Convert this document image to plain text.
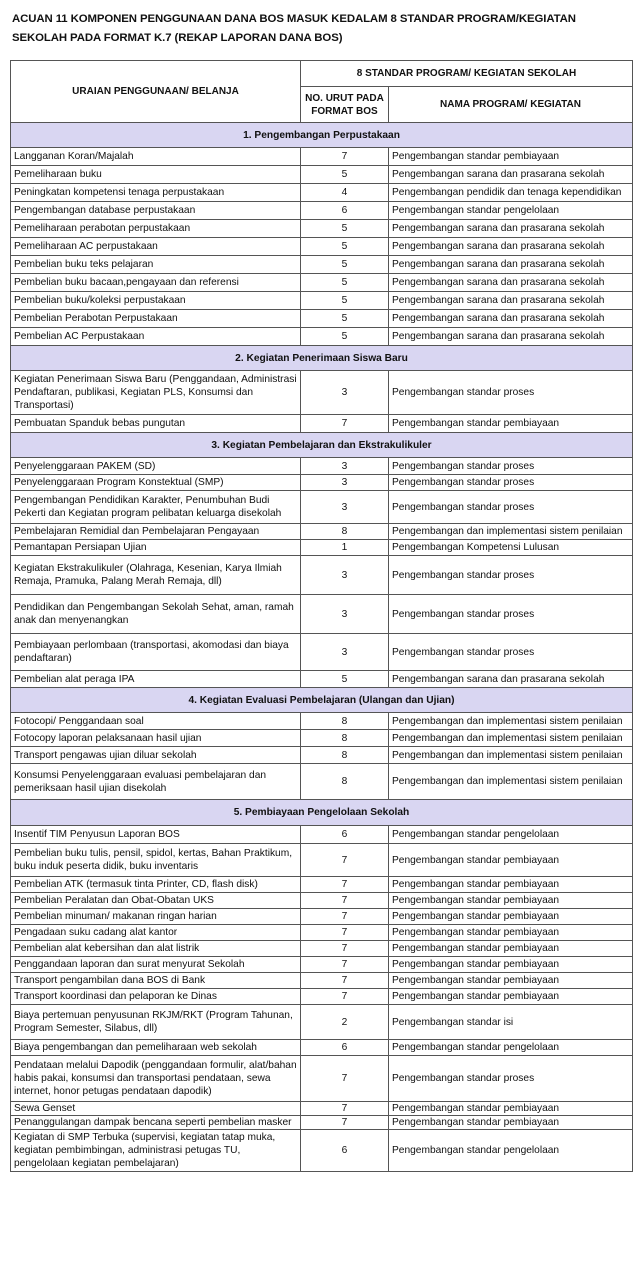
ACUAN 11 KOMPONEN PENGGUNAAN DANA BOS MASUK KEDALAM 8 STANDAR PROGRAM/KEGIATAN SEKOLAH PADA FORMAT K.7 (REKAP LAPORAN DANA BOS)
URAIAN PENGGUNAAN/ BELANJA	8 STANDAR PROGRAM/ KEGIATAN SEKOLAH	
	NO. URUT PADA FORMAT BOS	NAMA PROGRAM/ KEGIATAN
1. Pengembangan Perpustakaan		
Langganan Koran/Majalah	7	Pengembangan standar pembiayaan
Pemeliharaan buku	5	Pengembangan sarana dan prasarana sekolah
Peningkatan kompetensi tenaga perpustakaan	4	Pengembangan pendidik dan tenaga kependidikan
Pengembangan database perpustakaan	6	Pengembangan standar pengelolaan
Pemeliharaan perabotan perpustakaan	5	Pengembangan sarana dan prasarana sekolah
Pemeliharaan AC perpustakaan	5	Pengembangan sarana dan prasarana sekolah
Pembelian buku teks pelajaran	5	Pengembangan sarana dan prasarana sekolah
Pembelian buku bacaan,pengayaan dan referensi	5	Pengembangan sarana dan prasarana sekolah
Pembelian buku/koleksi perpustakaan	5	Pengembangan sarana dan prasarana sekolah
Pembelian Perabotan Perpustakaan	5	Pengembangan sarana dan prasarana sekolah
Pembelian AC Perpustakaan	5	Pengembangan sarana dan prasarana sekolah
2. Kegiatan Penerimaan Siswa Baru		
Kegiatan Penerimaan Siswa Baru (Penggandaan, Administrasi Pendaftaran, publikasi, Kegiatan PLS, Konsumsi dan Transportasi)	3	Pengembangan standar proses
Pembuatan Spanduk bebas pungutan	7	Pengembangan standar pembiayaan
3. Kegiatan Pembelajaran dan Ekstrakulikuler		
Penyelenggaraan PAKEM (SD)	3	Pengembangan standar proses
Penyelenggaraan Program Konstektual (SMP)	3	Pengembangan standar proses
Pengembangan Pendidikan Karakter, Penumbuhan Budi Pekerti dan Kegiatan program pelibatan keluarga disekolah	3	Pengembangan standar proses
Pembelajaran Remidial dan Pembelajaran Pengayaan	8	Pengembangan dan implementasi sistem penilaian
Pemantapan Persiapan Ujian	1	Pengembangan Kompetensi Lulusan
Kegiatan Ekstrakulikuler (Olahraga, Kesenian, Karya Ilmiah Remaja, Pramuka, Palang Merah Remaja, dll)	3	Pengembangan standar proses
Pendidikan dan Pengembangan Sekolah Sehat, aman, ramah anak dan menyenangkan	3	Pengembangan standar proses
Pembiayaan perlombaan (transportasi, akomodasi dan biaya pendaftaran)	3	Pengembangan standar proses
Pembelian alat peraga IPA	5	Pengembangan sarana dan prasarana sekolah
4. Kegiatan Evaluasi Pembelajaran (Ulangan dan Ujian)		
Fotocopi/ Penggandaan soal	8	Pengembangan dan implementasi sistem penilaian
Fotocopy laporan pelaksanaan hasil ujian	8	Pengembangan dan implementasi sistem penilaian
Transport pengawas ujian diluar sekolah	8	Pengembangan dan implementasi sistem penilaian
Konsumsi Penyelenggaraan evaluasi pembelajaran dan pemeriksaan hasil ujian disekolah	8	Pengembangan dan implementasi sistem penilaian
5. Pembiayaan Pengelolaan Sekolah		
Insentif TIM Penyusun Laporan BOS	6	Pengembangan standar pengelolaan
Pembelian buku tulis, pensil, spidol, kertas, Bahan Praktikum, buku induk peserta didik, buku inventaris	7	Pengembangan standar pembiayaan
Pembelian ATK (termasuk tinta Printer, CD, flash disk)	7	Pengembangan standar pembiayaan
Pembelian Peralatan dan Obat-Obatan UKS	7	Pengembangan standar pembiayaan
Pembelian minuman/ makanan ringan harian	7	Pengembangan standar pembiayaan
Pengadaan suku cadang alat kantor	7	Pengembangan standar pembiayaan
Pembelian alat kebersihan dan alat listrik	7	Pengembangan standar pembiayaan
Penggandaan laporan dan surat menyurat Sekolah	7	Pengembangan standar pembiayaan
Transport pengambilan dana BOS di Bank	7	Pengembangan standar pembiayaan
Transport koordinasi dan pelaporan ke Dinas	7	Pengembangan standar pembiayaan
Biaya pertemuan penyusunan RKJM/RKT (Program Tahunan, Program Semester, Silabus, dll)	2	Pengembangan standar isi
Biaya pengembangan dan pemeliharaan web sekolah	6	Pengembangan standar pengelolaan
Pendataan melalui Dapodik (penggandaan formulir, alat/bahan habis pakai, konsumsi dan transportasi pendataan, sewa internet, honor petugas pendataan dapodik)	7	Pengembangan standar proses
Sewa Genset	7	Pengembangan standar pembiayaan
Penanggulangan dampak bencana seperti pembelian masker	7	Pengembangan standar pembiayaan
Kegiatan di SMP Terbuka (supervisi, kegiatan tatap muka, kegiatan pembimbingan, administrasi petugas TU, pengelolaan kegiatan pembelajaran)	6	Pengembangan standar pengelolaan
